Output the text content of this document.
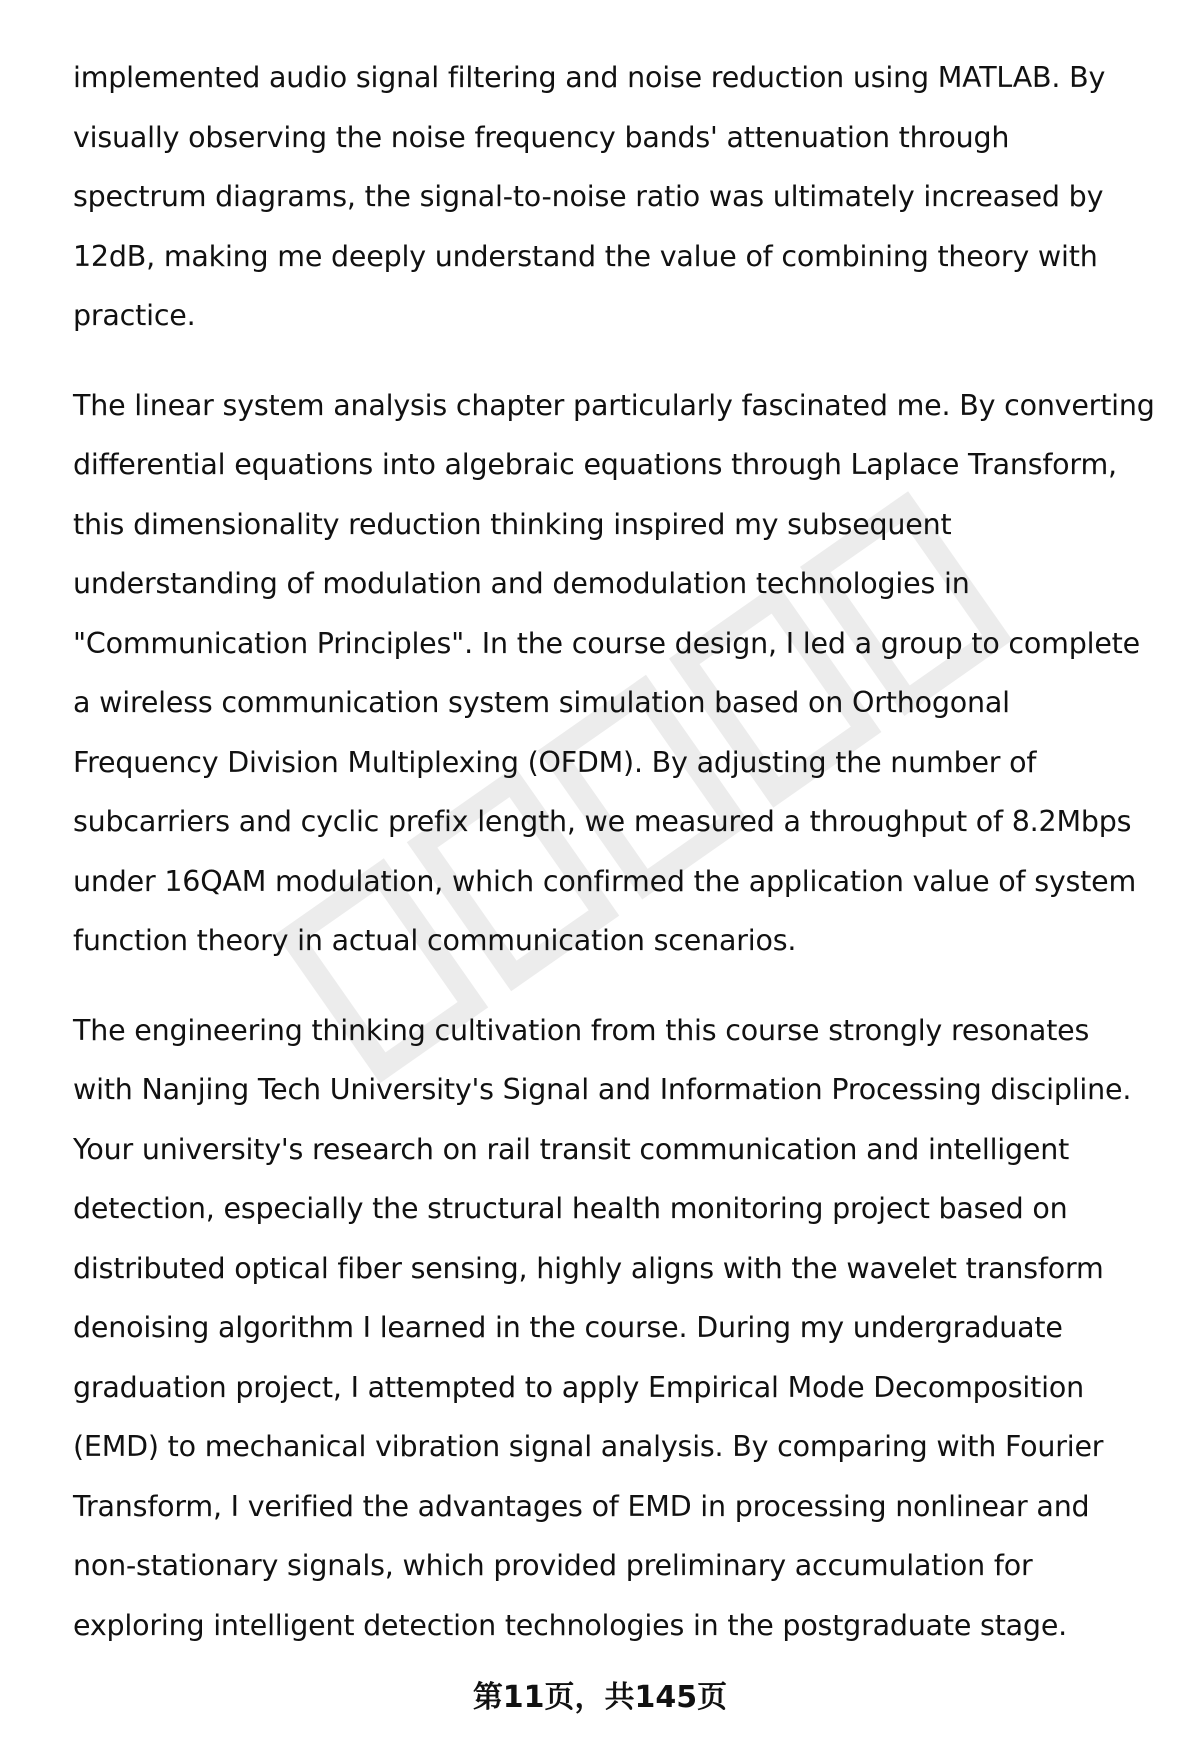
implemented audio signal filtering and noise reduction using MATLAB. By
visually observing the noise frequency bands' attenuation through
spectrum diagrams, the signal-to-noise ratio was ultimately increased by
12dB, making me deeply understand the value of combining theory with
practice.

The linear system analysis chapter particularly fascinated me. By converting
differential equations into algebraic equations through Laplace Transform,
this dimensionality reduction thinking inspired my subsequent
understanding of modulation and demodulation technologies in
"Communication Principles". In the course design, I led a group to complete
a wireless communication system simulation based on Orthogonal
Frequency Division Multiplexing (OFDM). By adjusting the number of
subcarriers and cyclic prefix length, we measured a throughput of 8.2Mbps
under 16QAM modulation, which confirmed the application value of system
function theory in actual communication scenarios.

The engineering thinking cultivation from this course strongly resonates
with Nanjing Tech University's Signal and Information Processing discipline.
Your university's research on rail transit communication and intelligent
detection, especially the structural health monitoring project based on
distributed optical fiber sensing, highly aligns with the wavelet transform
denoising algorithm I learned in the course. During my undergraduate
graduation project, I attempted to apply Empirical Mode Decomposition
(EMD) to mechanical vibration signal analysis. By comparing with Fourier
Transform, I verified the advantages of EMD in processing nonlinear and
non-stationary signals, which provided preliminary accumulation for
exploring intelligent detection technologies in the postgraduate stage.

第11页，共145页
